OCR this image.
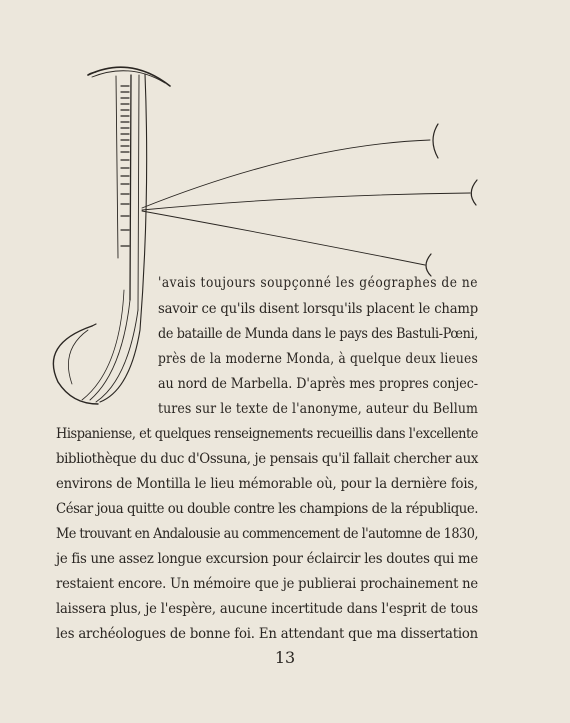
'avais toujours soupçonné les géographes de ne
savoir ce qu'ils disent lorsqu'ils placent le champ
de bataille de Munda dans le pays des Bastuli-Pœni,
près de la moderne Monda, à quelque deux lieues
au nord de Marbella. D'après mes propres conjec-
tures sur le texte de l'anonyme, auteur du Bellum
Hispaniense, et quelques renseignements recueillis dans l'excellente
bibliothèque du duc d'Ossuna, je pensais qu'il fallait chercher aux
environs de Montilla le lieu mémorable où, pour la dernière fois,
César joua quitte ou double contre les champions de la république.
Me trouvant en Andalousie au commencement de l'automne de 1830,
je fis une assez longue excursion pour éclaircir les doutes qui me
restaient encore. Un mémoire que je publierai prochainement ne
laissera plus, je l'espère, aucune incertitude dans l'esprit de tous
les archéologues de bonne foi. En attendant que ma dissertation
13
